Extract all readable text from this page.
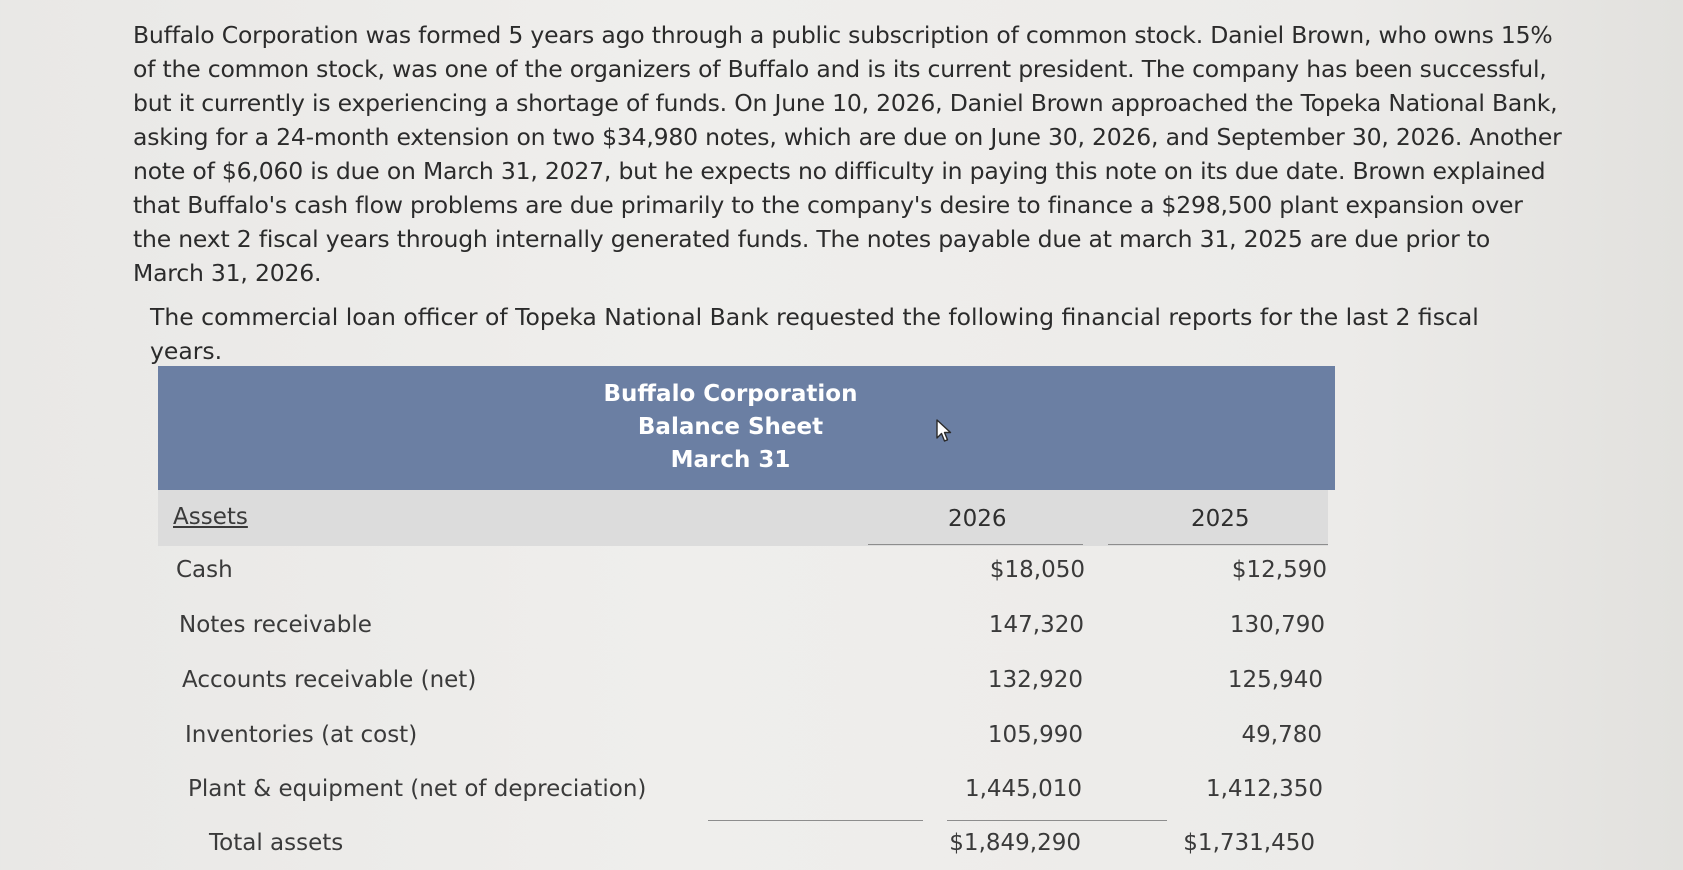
Buffalo Corporation was formed 5 years ago through a public subscription of common stock. Daniel Brown, who owns 15% of the common stock, was one of the organizers of Buffalo and is its current president. The company has been successful, but it currently is experiencing a shortage of funds. On June 10, 2026, Daniel Brown approached the Topeka National Bank, asking for a 24-month extension on two $34,980 notes, which are due on June 30, 2026, and September 30, 2026. Another note of $6,060 is due on March 31, 2027, but he expects no difficulty in paying this note on its due date. Brown explained that Buffalo's cash flow problems are due primarily to the company's desire to finance a $298,500 plant expansion over the next 2 fiscal years through internally generated funds. The notes payable due at march 31, 2025 are due prior to March 31, 2026.

The commercial loan officer of Topeka National Bank requested the following financial reports for the last 2 fiscal years.
Buffalo Corporation
Balance Sheet
March 31
Assets	2026	2025
Cash	$18,050	$12,590
Notes receivable	147,320	130,790
Accounts receivable (net)	132,920	125,940
Inventories (at cost)	105,990	49,780
Plant & equipment (net of depreciation)	1,445,010	1,412,350
Total assets	$1,849,290	$1,731,450
